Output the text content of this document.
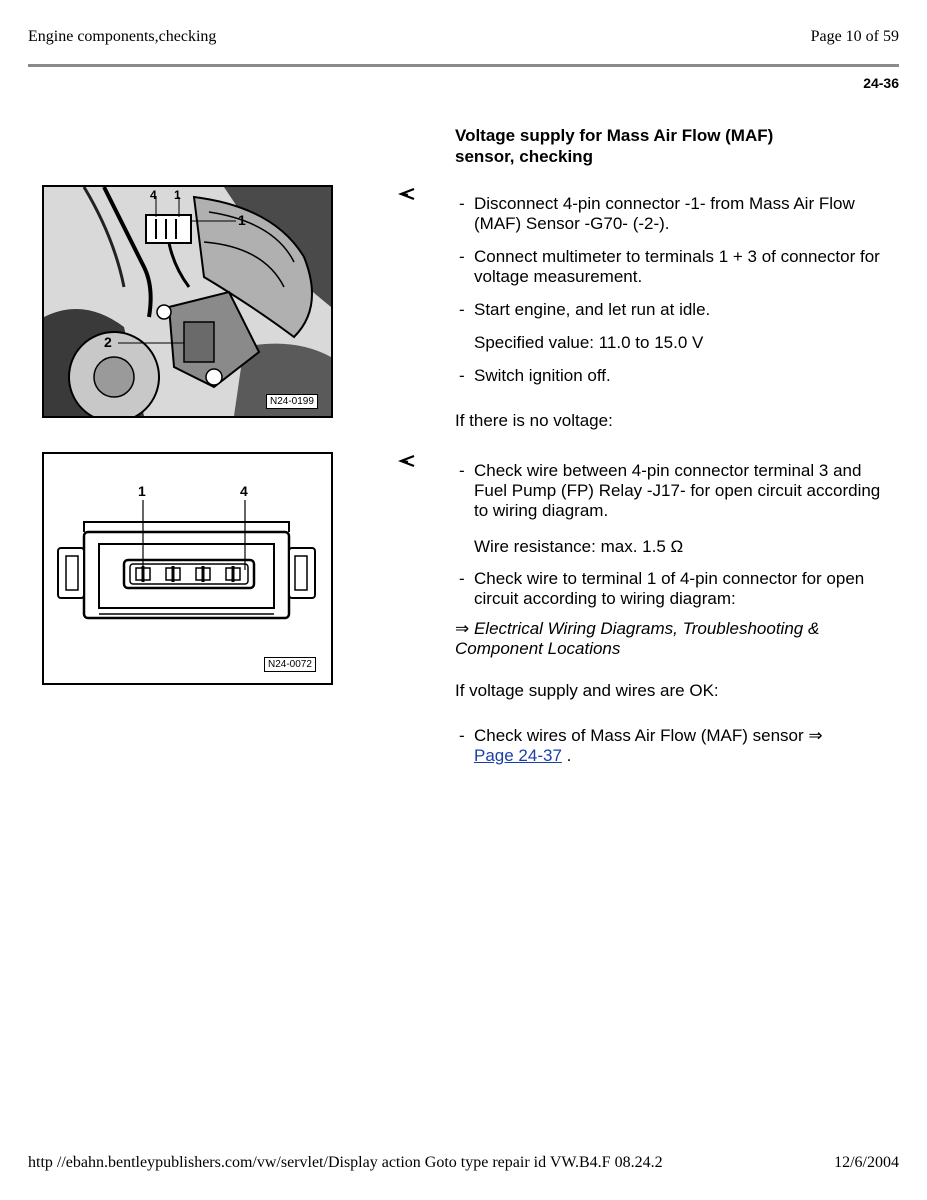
Engine components,checking	Page 10 of 59
24-36
Voltage supply for Mass Air Flow (MAF) sensor, checking
4 1
1
2
N24-0199
1	4
N24-0072
- Disconnect 4-pin connector -1- from Mass Air Flow (MAF) Sensor -G70- (-2-).
- Connect multimeter to terminals 1 + 3 of connector for voltage measurement.
- Start engine, and let run at idle.
Specified value: 11.0 to 15.0 V
- Switch ignition off.
If there is no voltage:
- Check wire between 4-pin connector terminal 3 and Fuel Pump (FP) Relay -J17- for open circuit according to wiring diagram.
Wire resistance: max. 1.5 Ω
- Check wire to terminal 1 of 4-pin connector for open circuit according to wiring diagram:
⇒ Electrical Wiring Diagrams, Troubleshooting & Component Locations
If voltage supply and wires are OK:
- Check wires of Mass Air Flow (MAF) sensor ⇒
Page 24-37 .
http //ebahn.bentleypublishers.com/vw/servlet/Display action Goto type repair id VW.B4.F 08.24.2	12/6/2004
